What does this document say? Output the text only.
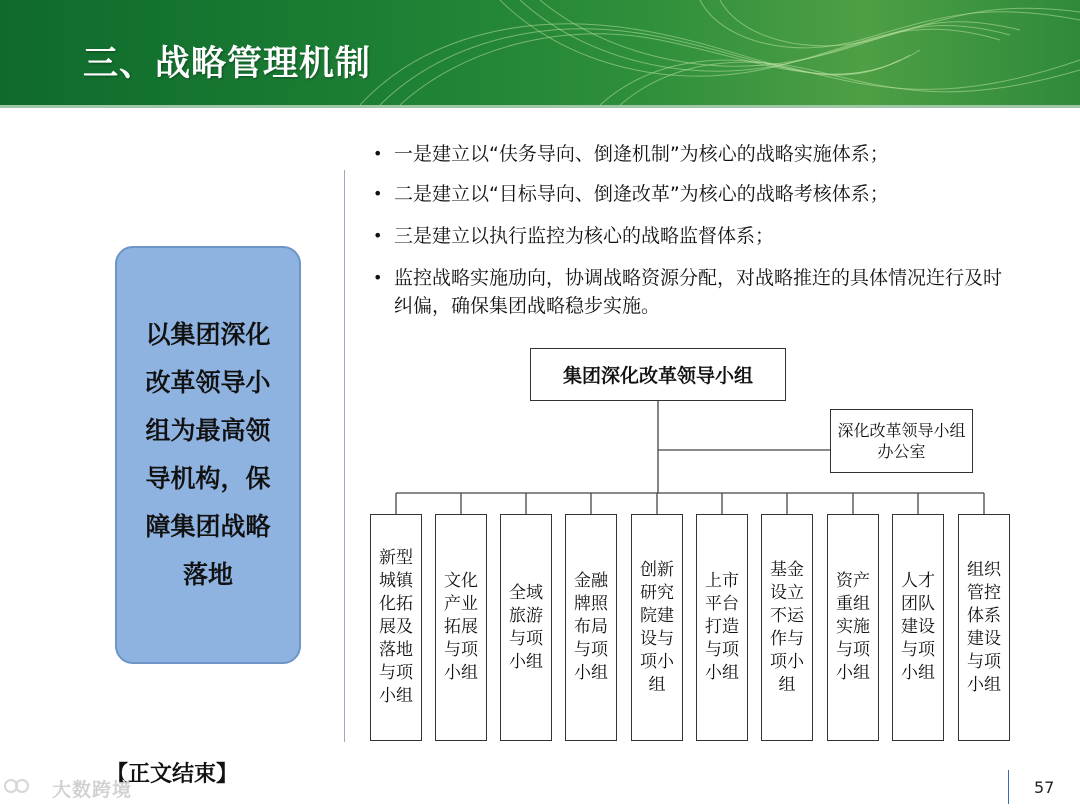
三、战略管理机制
以集团深化改革领导小组为最高领导机构，保障集团战略落地
• 一是建立以“伕务导向、倒逄机制”为核心的战略实施体系；
• 二是建立以“目标导向、倒逄改革”为核心的战略考核体系；
• 三是建立以执行监控为核心的战略监督体系；
• 监控战略实施劢向，协调战略资源分配，对战略推迕的具体情况迕行及时纠偏，确保集团战略稳步实施。
集团深化改革领导小组
深化改革领导小组办公室
新型城镇化拓展及落地与项小组
文化产业拓展与项小组
全域旅游与项小组
金融牌照布局与项小组
创新研究院建设与项小组
上市平台打造与项小组
基金设立不运作与项小组
资产重组实施与项小组
人才团队建设与项小组
组织管控体系建设与项小组
【正文结束】
大数跨境	57
